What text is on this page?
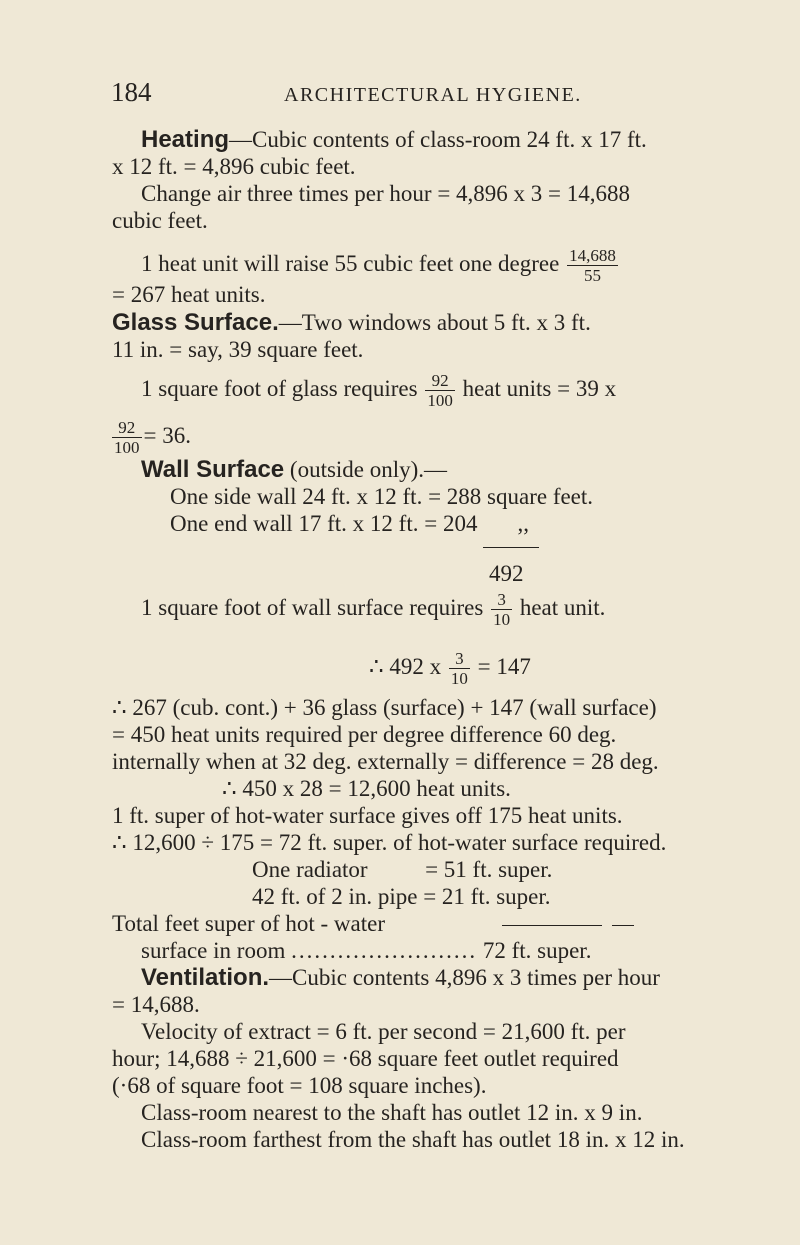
184	ARCHITECTURAL HYGIENE.
Heating—Cubic contents of class-room 24 ft. x 17 ft.
x 12 ft. = 4,896 cubic feet.
Change air three times per hour = 4,896 x 3 = 14,688
cubic feet.
1 heat unit will raise 55 cubic feet one degree $\frac{14,688}{55}$
= 267 heat units.
Glass Surface.—Two windows about 5 ft. x 3 ft.
11 in. = say, 39 square feet.
1 square foot of glass requires $\frac{92}{100}$ heat units = 39 x
$\frac{92}{100} = 36$.
Wall Surface (outside only).—
One side wall 24 ft. x 12 ft. = 288 square feet.
One end wall 17 ft. x 12 ft. = 204 ,,
492
1 square foot of wall surface requires $\frac{3}{10}$ heat unit.
∴ 492 x $\frac{3}{10} = 147$
∴ 267 (cub. cont.) + 36 glass (surface) + 147 (wall surface)
= 450 heat units required per degree difference 60 deg.
internally when at 32 deg. externally = difference = 28 deg.
∴ 450 x 28 = 12,600 heat units.
1 ft. super of hot-water surface gives off 175 heat units.
∴ 12,600 ÷ 175 = 72 ft. super. of hot-water surface required.
One radiator          = 51 ft. super.
42 ft. of 2 in. pipe = 21 ft. super.
Total feet super of hot - water
surface in room ........................ 72 ft. super.
Ventilation.—Cubic contents 4,896 x 3 times per hour
= 14,688.
Velocity of extract = 6 ft. per second = 21,600 ft. per
hour; 14,688 ÷ 21,600 = ·68 square feet outlet required
(·68 of square foot = 108 square inches).
Class-room nearest to the shaft has outlet 12 in. x 9 in.
Class-room farthest from the shaft has outlet 18 in. x 12 in.
